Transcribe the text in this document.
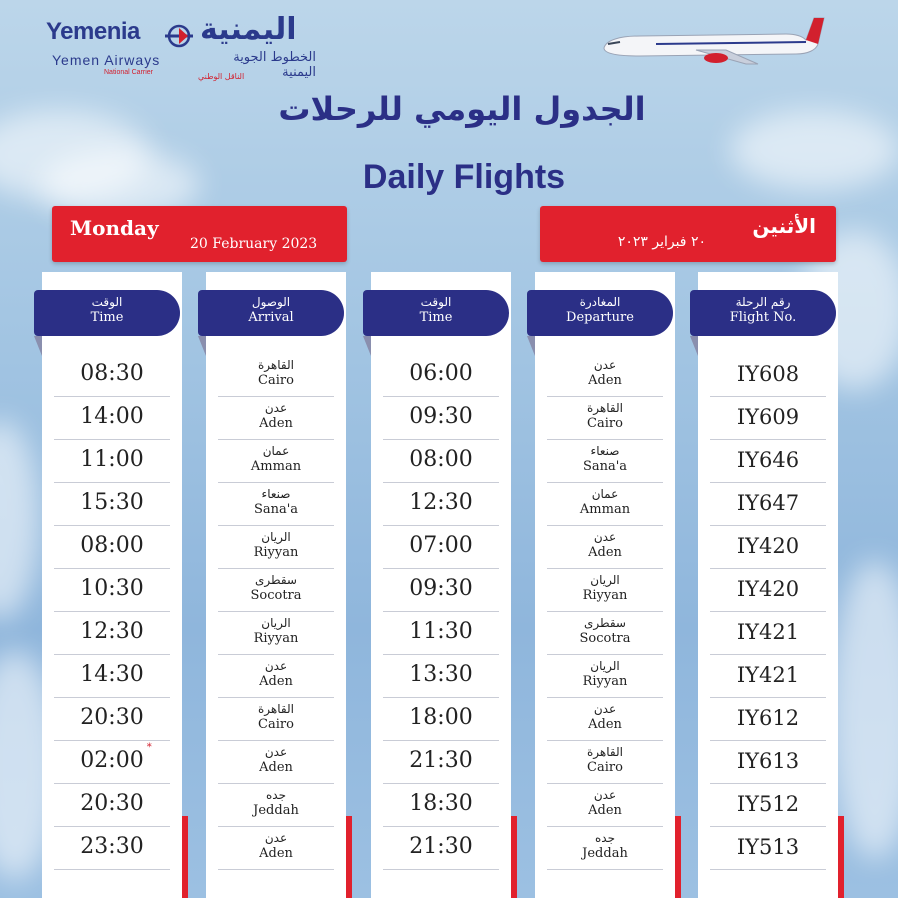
Yemenia اليمنية
Yemen Airways
National Carrier
الخطوط الجوية اليمنية
الناقل الوطني
الجدول اليومي للرحلات
Daily Flights
Monday
20 February 2023
الأثنين
٢٠ فبراير ٢٠٢٣
الوقت
Time
08:30
14:00
11:00
15:30
08:00
10:30
12:30
14:30
20:30
02:00
*
20:30
23:30
الوصول
Arrival
القاهرة
Cairo
عدن
Aden
عمان
Amman
صنعاء
Sana'a
الريان
Riyyan
سقطرى
Socotra
الريان
Riyyan
عدن
Aden
القاهرة
Cairo
عدن
Aden
جده
Jeddah
عدن
Aden
الوقت
Time
06:00
09:30
08:00
12:30
07:00
09:30
11:30
13:30
18:00
21:30
18:30
21:30
المغادرة
Departure
عدن
Aden
القاهرة
Cairo
صنعاء
Sana'a
عمان
Amman
عدن
Aden
الريان
Riyyan
سقطرى
Socotra
الريان
Riyyan
عدن
Aden
القاهرة
Cairo
عدن
Aden
جده
Jeddah
رقم الرحلة
Flight No.
IY608
IY609
IY646
IY647
IY420
IY420
IY421
IY421
IY612
IY613
IY512
IY513
